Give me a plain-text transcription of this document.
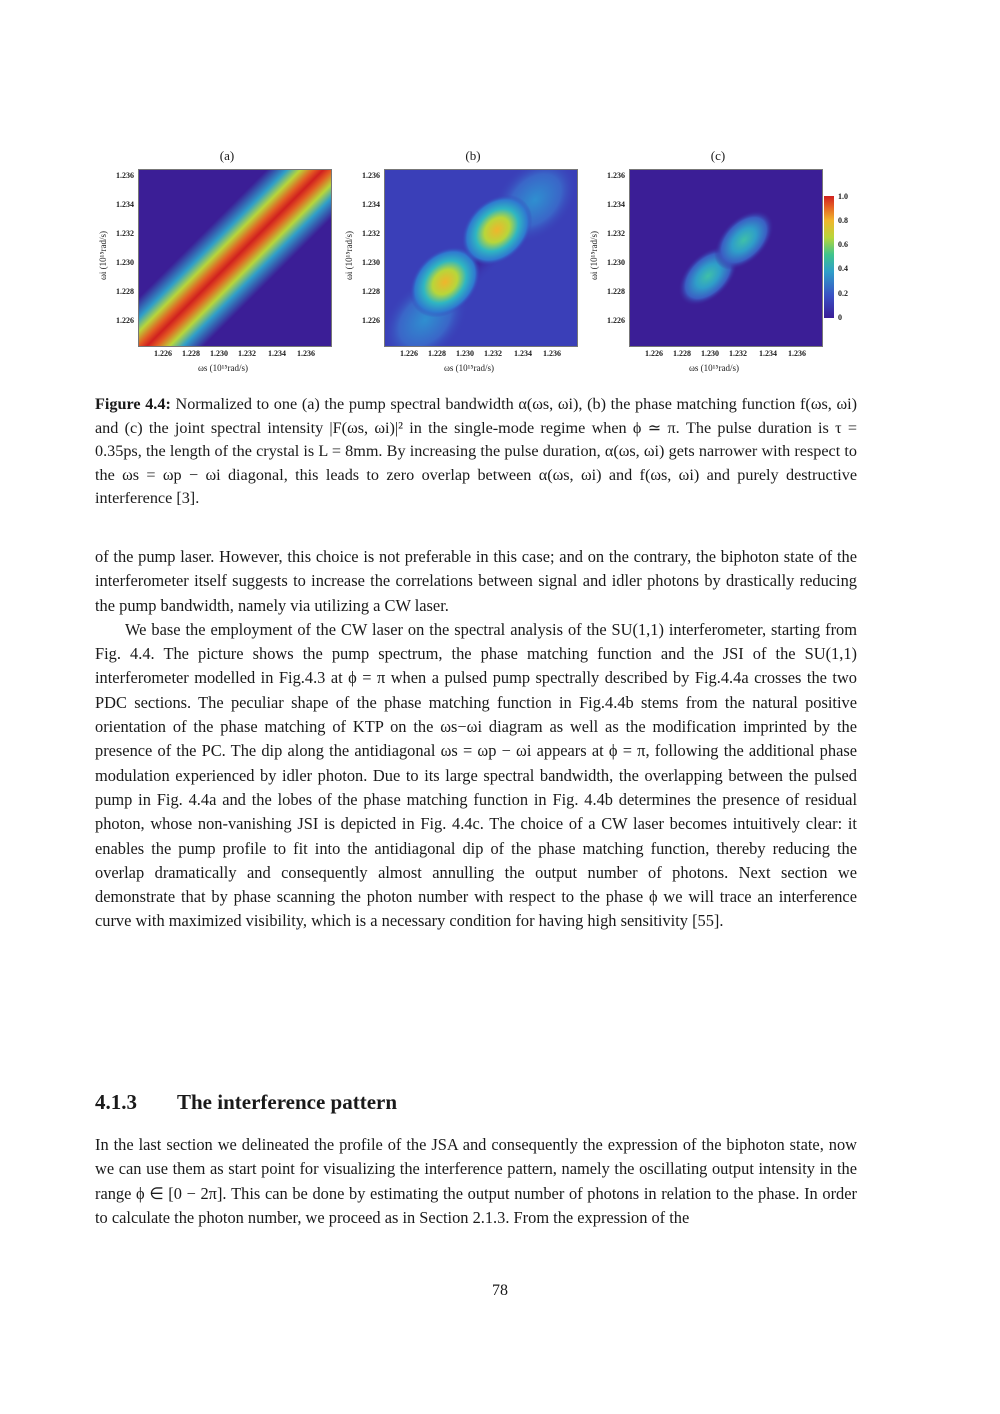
(a)
1.236
1.234
1.232
1.230
1.228
1.226
ωi (10¹⁵rad/s)
1.226	1.228	1.230	1.232	1.234	1.236
ωs (10¹⁵rad/s)
(b)
1.236
1.234
1.232
1.230
1.228
1.226
ωi (10¹⁵rad/s)
1.226	1.228	1.230	1.232	1.234	1.236
ωs (10¹⁵rad/s)
(c)
1.236
1.234
1.232
1.230
1.228
1.226
ωi (10¹⁵rad/s)
1.226	1.228	1.230	1.232	1.234	1.236
ωs (10¹⁵rad/s)
1.0
0.8
0.6
0.4
0.2
0
Figure 4.4: Normalized to one (a) the pump spectral bandwidth α(ωs, ωi), (b) the phase matching function f(ωs, ωi) and (c) the joint spectral intensity |F(ωs, ωi)|² in the single-mode regime when ϕ ≃ π. The pulse duration is τ = 0.35ps, the length of the crystal is L = 8mm. By increasing the pulse duration, α(ωs, ωi) gets narrower with respect to the ωs = ωp − ωi diagonal, this leads to zero overlap between α(ωs, ωi) and f(ωs, ωi) and purely destructive interference [3].

of the pump laser. However, this choice is not preferable in this case; and on the contrary, the biphoton state of the interferometer itself suggests to increase the correlations between signal and idler photons by drastically reducing the pump bandwidth, namely via utilizing a CW laser.

We base the employment of the CW laser on the spectral analysis of the SU(1,1) interferometer, starting from Fig. 4.4. The picture shows the pump spectrum, the phase matching function and the JSI of the SU(1,1) interferometer modelled in Fig.4.3 at ϕ = π when a pulsed pump spectrally described by Fig.4.4a crosses the two PDC sections. The peculiar shape of the phase matching function in Fig.4.4b stems from the natural positive orientation of the phase matching of KTP on the ωs−ωi diagram as well as the modification imprinted by the presence of the PC. The dip along the antidiagonal ωs = ωp − ωi appears at ϕ = π, following the additional phase modulation experienced by idler photon. Due to its large spectral bandwidth, the overlapping between the pulsed pump in Fig. 4.4a and the lobes of the phase matching function in Fig. 4.4b determines the presence of residual photon, whose non-vanishing JSI is depicted in Fig. 4.4c. The choice of a CW laser becomes intuitively clear: it enables the pump profile to fit into the antidiagonal dip of the phase matching function, thereby reducing the overlap dramatically and consequently almost annulling the output number of photons. Next section we demonstrate that by phase scanning the photon number with respect to the phase ϕ we will trace an interference curve with maximized visibility, which is a necessary condition for having high sensitivity [55].

4.1.3 The interference pattern

In the last section we delineated the profile of the JSA and consequently the expression of the biphoton state, now we can use them as start point for visualizing the interference pattern, namely the oscillating output intensity in the range ϕ ∈ [0 − 2π]. This can be done by estimating the output number of photons in relation to the phase. In order to calculate the photon number, we proceed as in Section 2.1.3. From the expression of the

78
